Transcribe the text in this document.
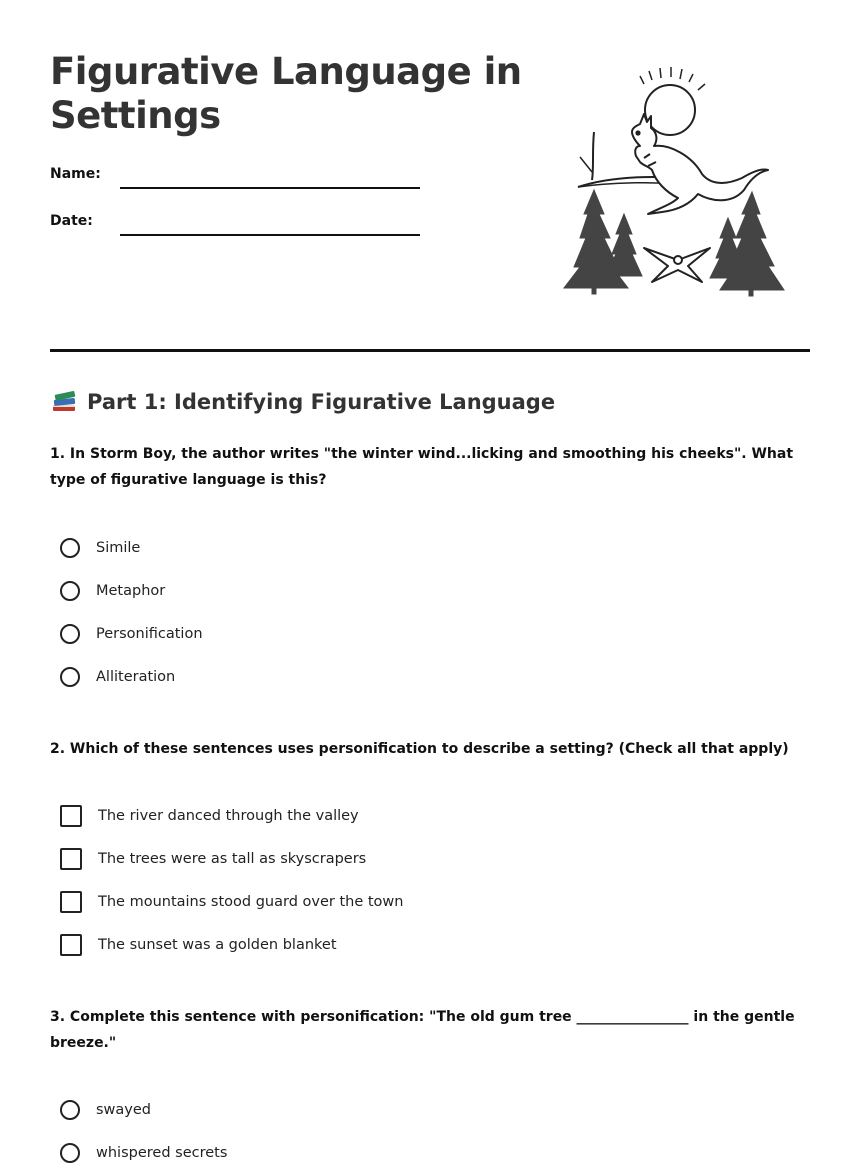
Figurative Language in Settings
Name:
Date:
Part 1: Identifying Figurative Language

1. In Storm Boy, the author writes "the winter wind...licking and smoothing his cheeks". What type of figurative language is this?

Simile
Metaphor
Personification
Alliteration

2. Which of these sentences uses personification to describe a setting? (Check all that apply)

The river danced through the valley
The trees were as tall as skyscrapers
The mountains stood guard over the town
The sunset was a golden blanket

3. Complete this sentence with personification: "The old gum tree ________________ in the gentle breeze."

swayed
whispered secrets
